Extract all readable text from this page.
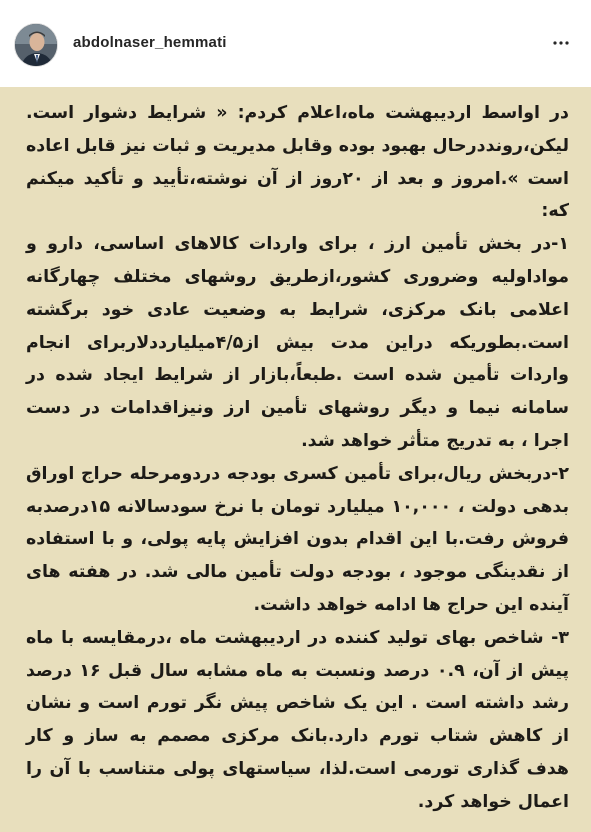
abdolnaser_hemmati

در اواسط اردیبهشت ماه،اعلام کردم: « شرایط دشوار است. لیکن،رونددرحال بهبود بوده وقابل مدیریت و ثبات نیز قابل اعاده است ».امروز و بعد از ۲۰روز از آن نوشته،تأیید و تأکید میکنم که:

۱-در بخش تأمین ارز ، برای واردات کالاهای اساسی، دارو و مواداولیه وضروری کشور،ازطریق روشهای مختلف چهارگانه اعلامی بانک مرکزی، شرایط به وضعیت عادی خود برگشته است.بطوریکه دراین مدت بیش از۴/۵میلیارددلاربرای انجام واردات تأمین شده است .طبعاً،بازار از شرایط ایجاد شده در سامانه نیما و دیگر روشهای تأمین ارز ونیزاقدامات در دست اجرا ، به تدریج متأثر خواهد شد.

۲-دربخش ریال،برای تأمین کسری بودجه دردومرحله حراج اوراق بدهی دولت ، ۱۰,۰۰۰ میلیارد تومان با نرخ سودسالانه ۱۵درصدبه فروش رفت.با این اقدام بدون افزایش پایه پولی، و با استفاده از نقدینگی موجود ، بودجه دولت تأمین مالی شد. در هفته های آینده این حراج ها ادامه خواهد داشت.

۳- شاخص بهای تولید کننده در اردیبهشت ماه ،درمقایسه با ماه پیش از آن، ۰.۹ درصد ونسبت به ماه مشابه سال قبل ۱۶ درصد رشد داشته است . این یک شاخص پیش نگر تورم است و نشان از کاهش شتاب تورم دارد.بانک مرکزی مصمم به ساز و کار هدف گذاری تورمی است.لذا، سیاستهای پولی متناسب با آن را اعمال خواهد کرد.
